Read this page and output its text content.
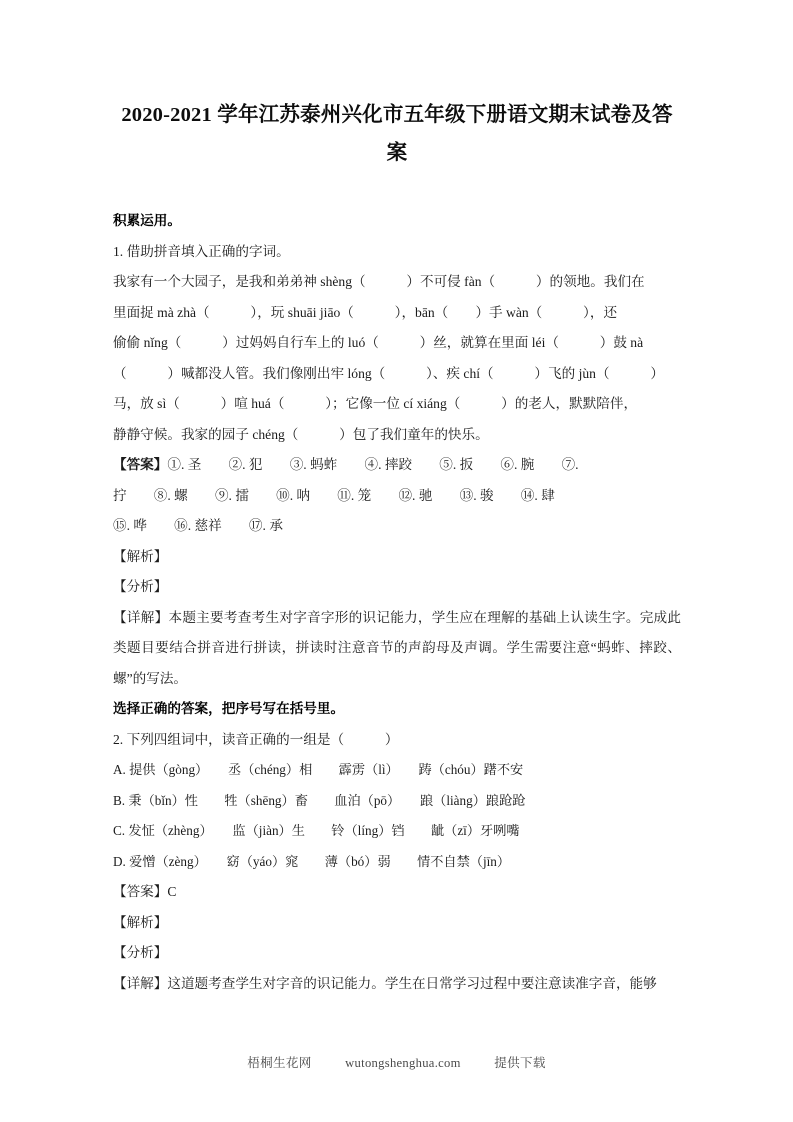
2020-2021 学年江苏泰州兴化市五年级下册语文期末试卷及答案

积累运用。

1. 借助拼音填入正确的字词。

我家有一个大园子，是我和弟弟神 shèng（　　　）不可侵 fàn（　　　）的领地。我们在

里面捉 mà zhà（　　　），玩 shuāi jiāo（　　　），bān（　　）手 wàn（　　　），还

偷偷 nǐng（　　　）过妈妈自行车上的 luó（　　　）丝，就算在里面 léi（　　　）鼓 nà

（　　　）喊都没人管。我们像刚出牢 lóng（　　　）、疾 chí（　　　）飞的 jùn（　　　）

马，放 sì（　　　）喧 huá（　　　）；它像一位 cí xiáng（　　　）的老人，默默陪伴，

静静守候。我家的园子 chéng（　　　）包了我们童年的快乐。

【答案】①. 圣　　②. 犯　　③. 蚂蚱　　④. 摔跤　　⑤. 扳　　⑥. 腕　　⑦.

拧　　⑧. 螺　　⑨. 擂　　⑩. 呐　　⑪. 笼　　⑫. 驰　　⑬. 骏　　⑭. 肆

⑮. 哗　　⑯. 慈祥　　⑰. 承

【解析】

【分析】

【详解】本题主要考查考生对字音字形的识记能力，学生应在理解的基础上认读生字。完成此类题目要结合拼音进行拼读，拼读时注意音节的声韵母及声调。学生需要注意“蚂蚱、摔跤、螺”的写法。

选择正确的答案，把序号写在括号里。

2. 下列四组词中，读音正确的一组是（　　　）

A. 提供（gòng）　　丞（chéng）相　　霹雳（lì）　　踌（chóu）躇不安

B. 秉（bǐn）性　　牲（shēng）畜　　血泊（pō）　　踉（liàng）踉跄跄

C. 发怔（zhèng）　　监（jiàn）生　　铃（líng）铛　　龇（zī）牙咧嘴

D. 爱憎（zèng）　　窈（yáo）窕　　薄（bó）弱　　情不自禁（jīn）

【答案】C

【解析】

【分析】

【详解】这道题考查学生对字音的识记能力。学生在日常学习过程中要注意读准字音，能够

梧桐生花网	wutongshenghua.com	提供下载
